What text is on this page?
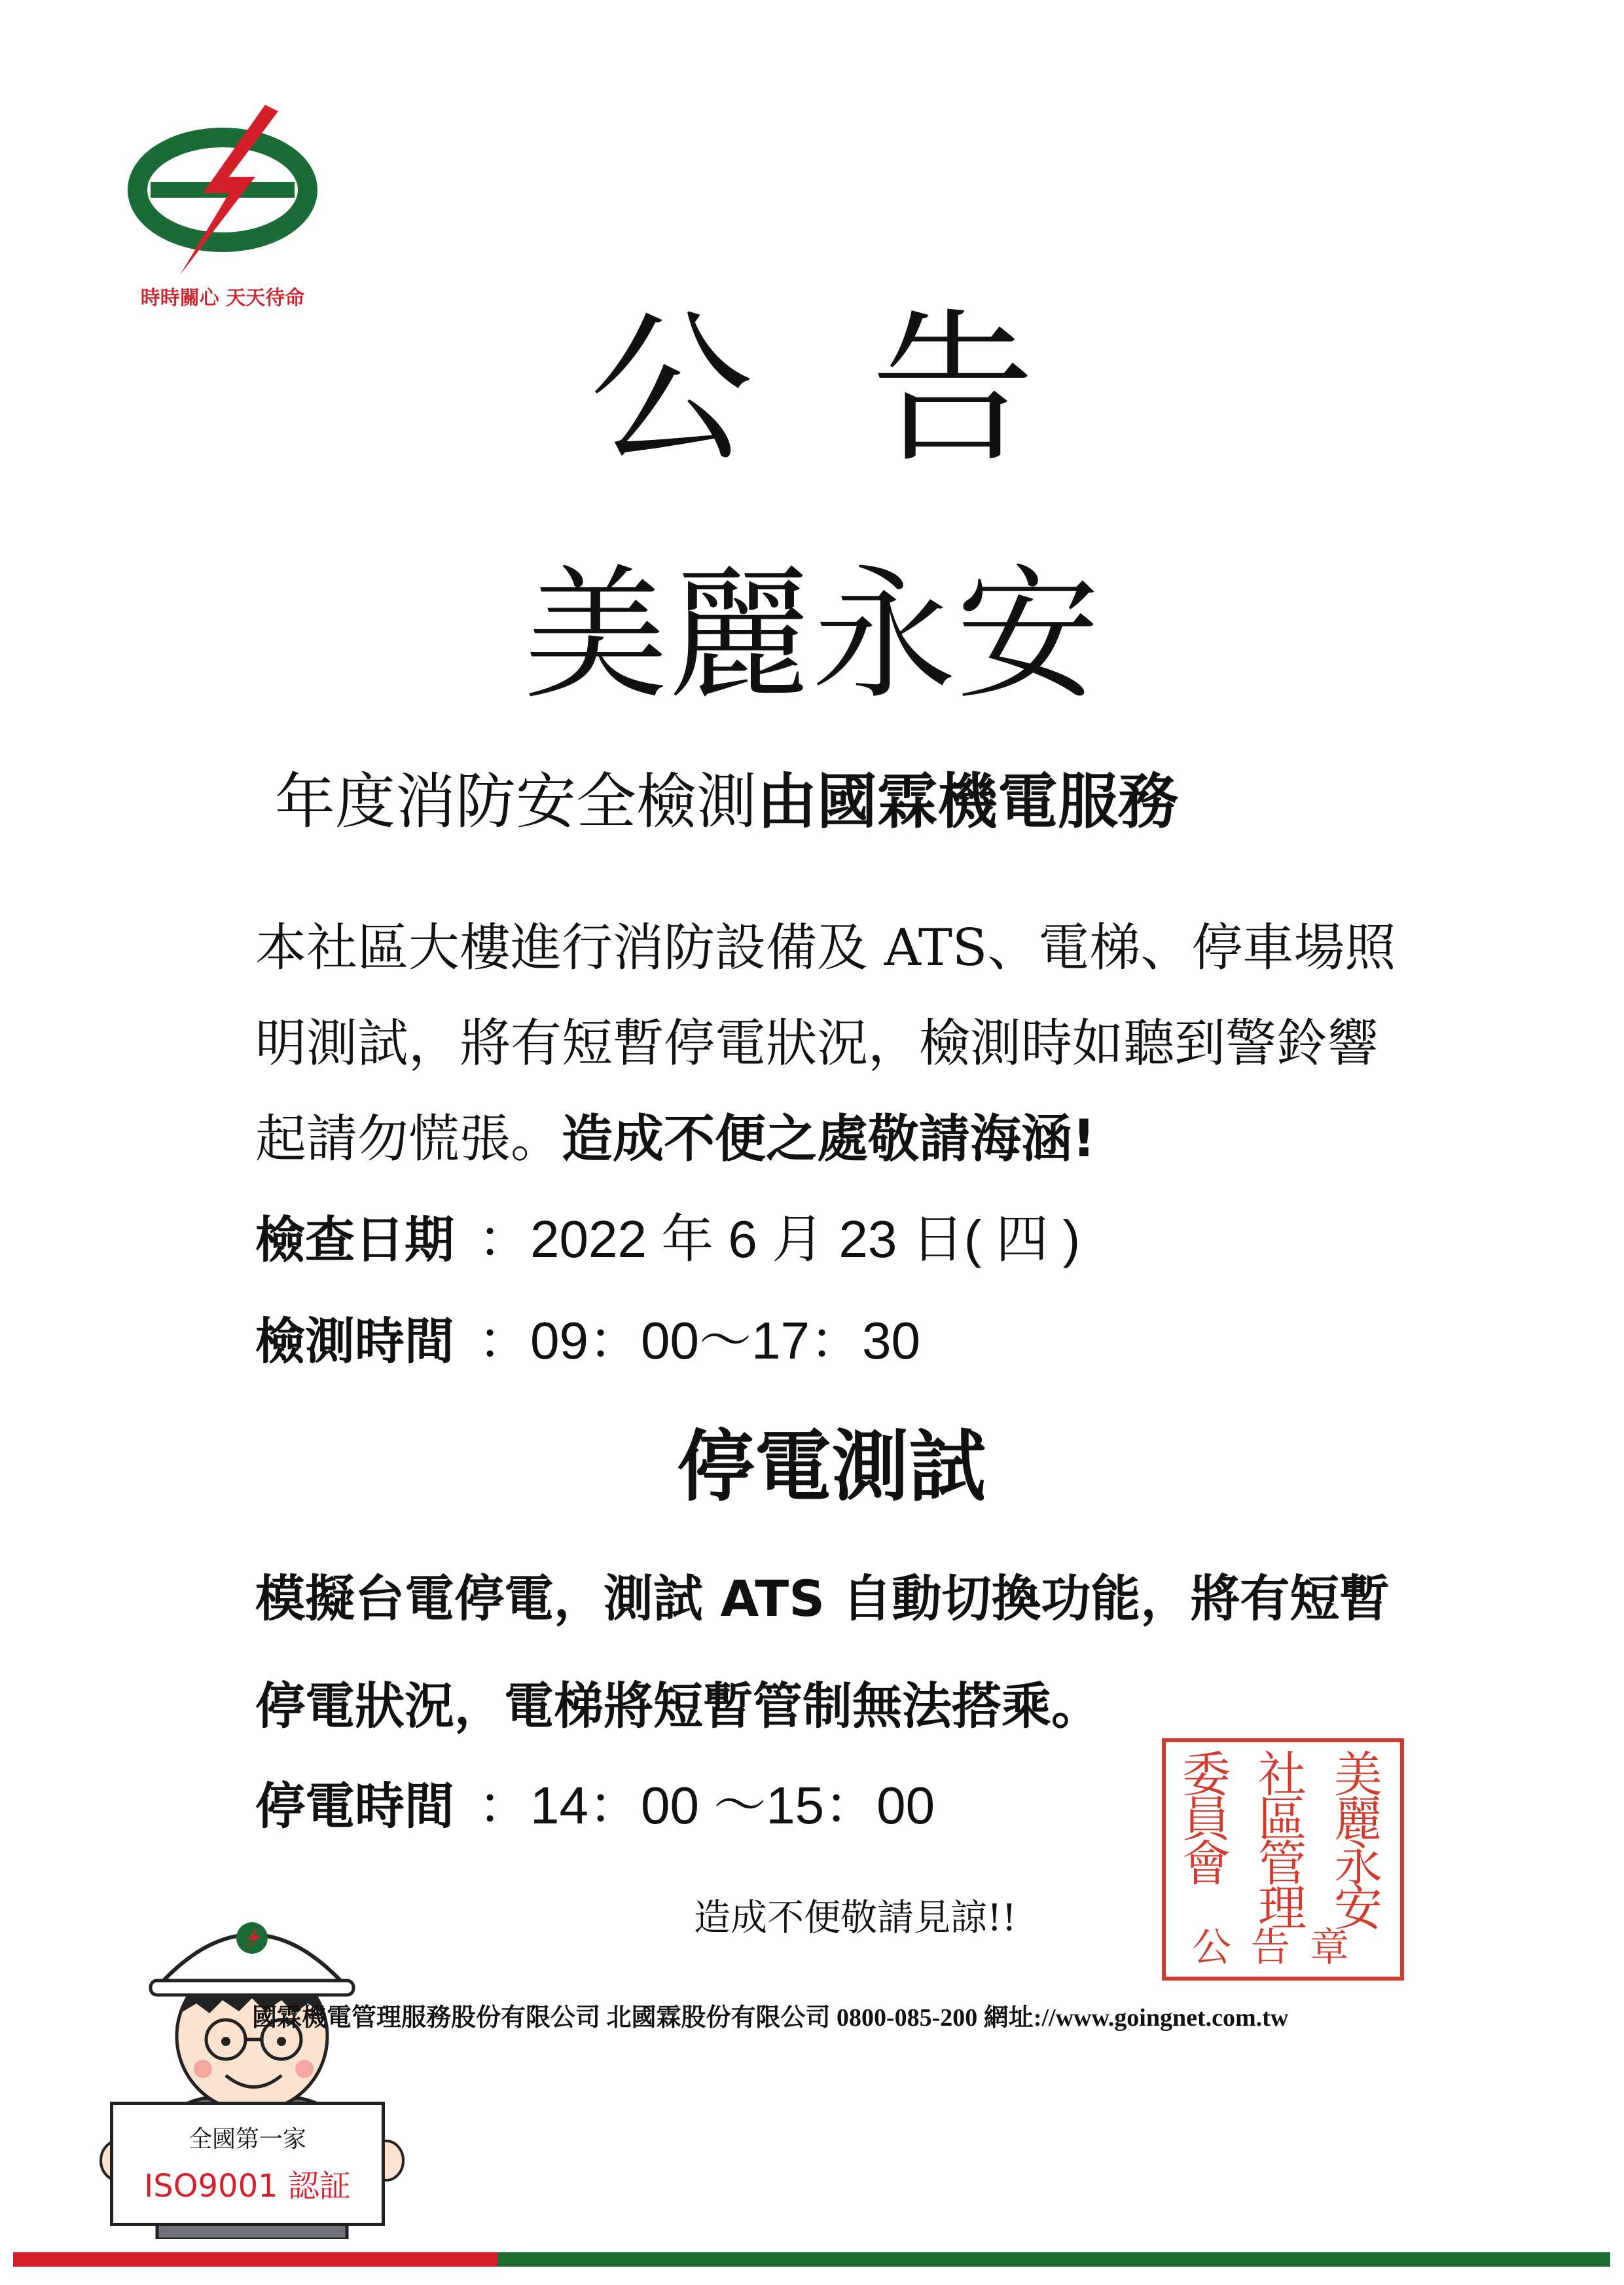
時時關心 天天待命	公告
美麗永安
年度消防安全檢測由國霖機電服務
本社區大樓進行消防設備及 ATS、電梯、停車場照明測試，將有短暫停電狀況，檢測時如聽到警鈴響起請勿慌張。造成不便之處敬請海涵!
檢查日期 ：2022 年 6 月 23 日( 四 )
檢測時間 ：09：00〜17：30
停電測試
模擬台電停電，測試 ATS 自動切換功能，將有短暫停電狀況，電梯將短暫管制無法搭乘。
停電時間 ：14：00 〜15：00
造成不便敬請見諒!!
美麗永安
社區管理
委員會
公告章
全國第一家
ISO9001 認証
國霖機電管理服務股份有限公司 北國霖股份有限公司 0800-085-200 網址://www.goingnet.com.tw
